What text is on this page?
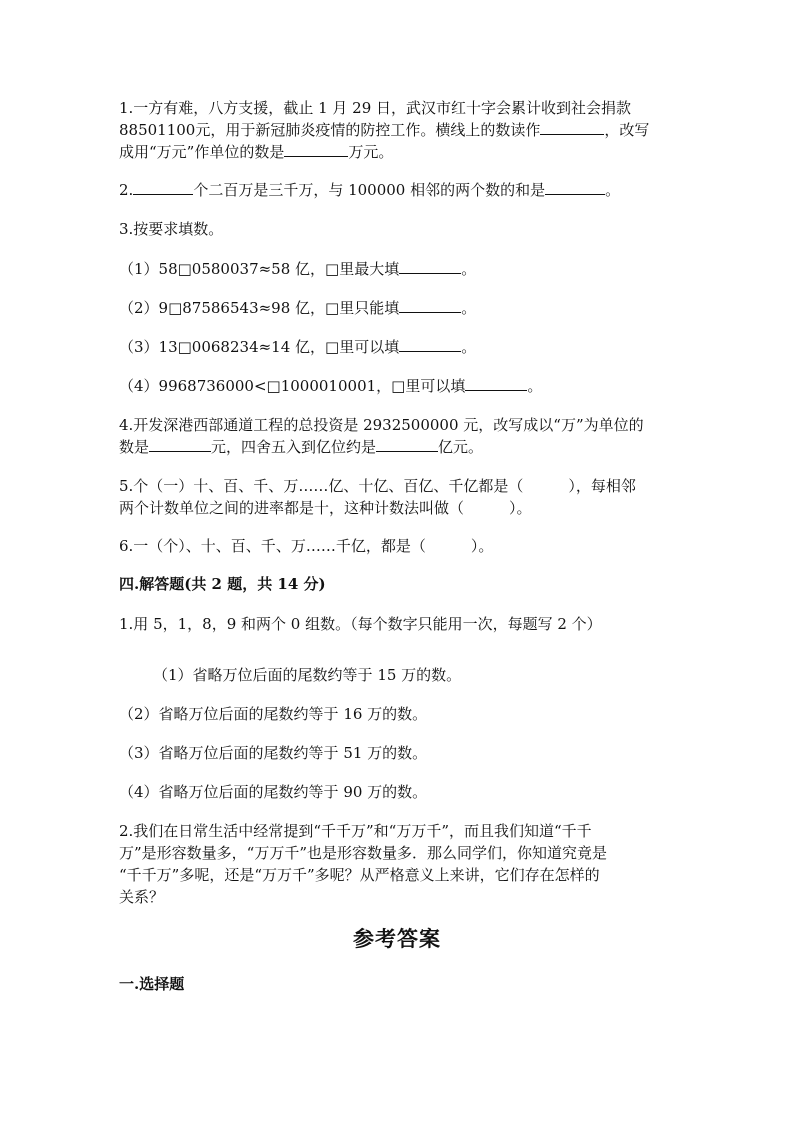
1.一方有难，八方支援，截止 1 月 29 日，武汉市红十字会累计收到社会捐款
88501100元，用于新冠肺炎疫情的防控工作。横线上的数读作	，改写
成用“万元”作单位的数是	万元。
2.	个二百万是三千万，与 100000 相邻的两个数的和是	。
3.按要求填数。
（1）58□0580037≈58 亿，□里最大填	。
（2）9□87586543≈98 亿，□里只能填	。
（3）13□0068234≈14 亿，□里可以填	。
（4）9968736000<□1000010001，□里可以填	。
4.开发深港西部通道工程的总投资是 2932500000 元，改写成以“万”为单位的
数是	元，四舍五入到亿位约是	亿元。
5.个（一）十、百、千、万……亿、十亿、百亿、千亿都是（　　　），每相邻
两个计数单位之间的进率都是十，这种计数法叫做（　　　）。
6.一（个）、十、百、千、万……千亿，都是（　　　）。
四.解答题(共 2 题，共 14 分)
1.用 5，1，8，9 和两个 0 组数。（每个数字只能用一次，每题写 2 个）
（1）省略万位后面的尾数约等于 15 万的数。
（2）省略万位后面的尾数约等于 16 万的数。
（3）省略万位后面的尾数约等于 51 万的数。
（4）省略万位后面的尾数约等于 90 万的数。
2.我们在日常生活中经常提到“千千万”和“万万千”，而且我们知道“千千
万”是形容数量多，“万万千”也是形容数量多．那么同学们，你知道究竟是
“千千万”多呢，还是“万万千”多呢？从严格意义上来讲，它们存在怎样的
关系？
参考答案
一.选择题
